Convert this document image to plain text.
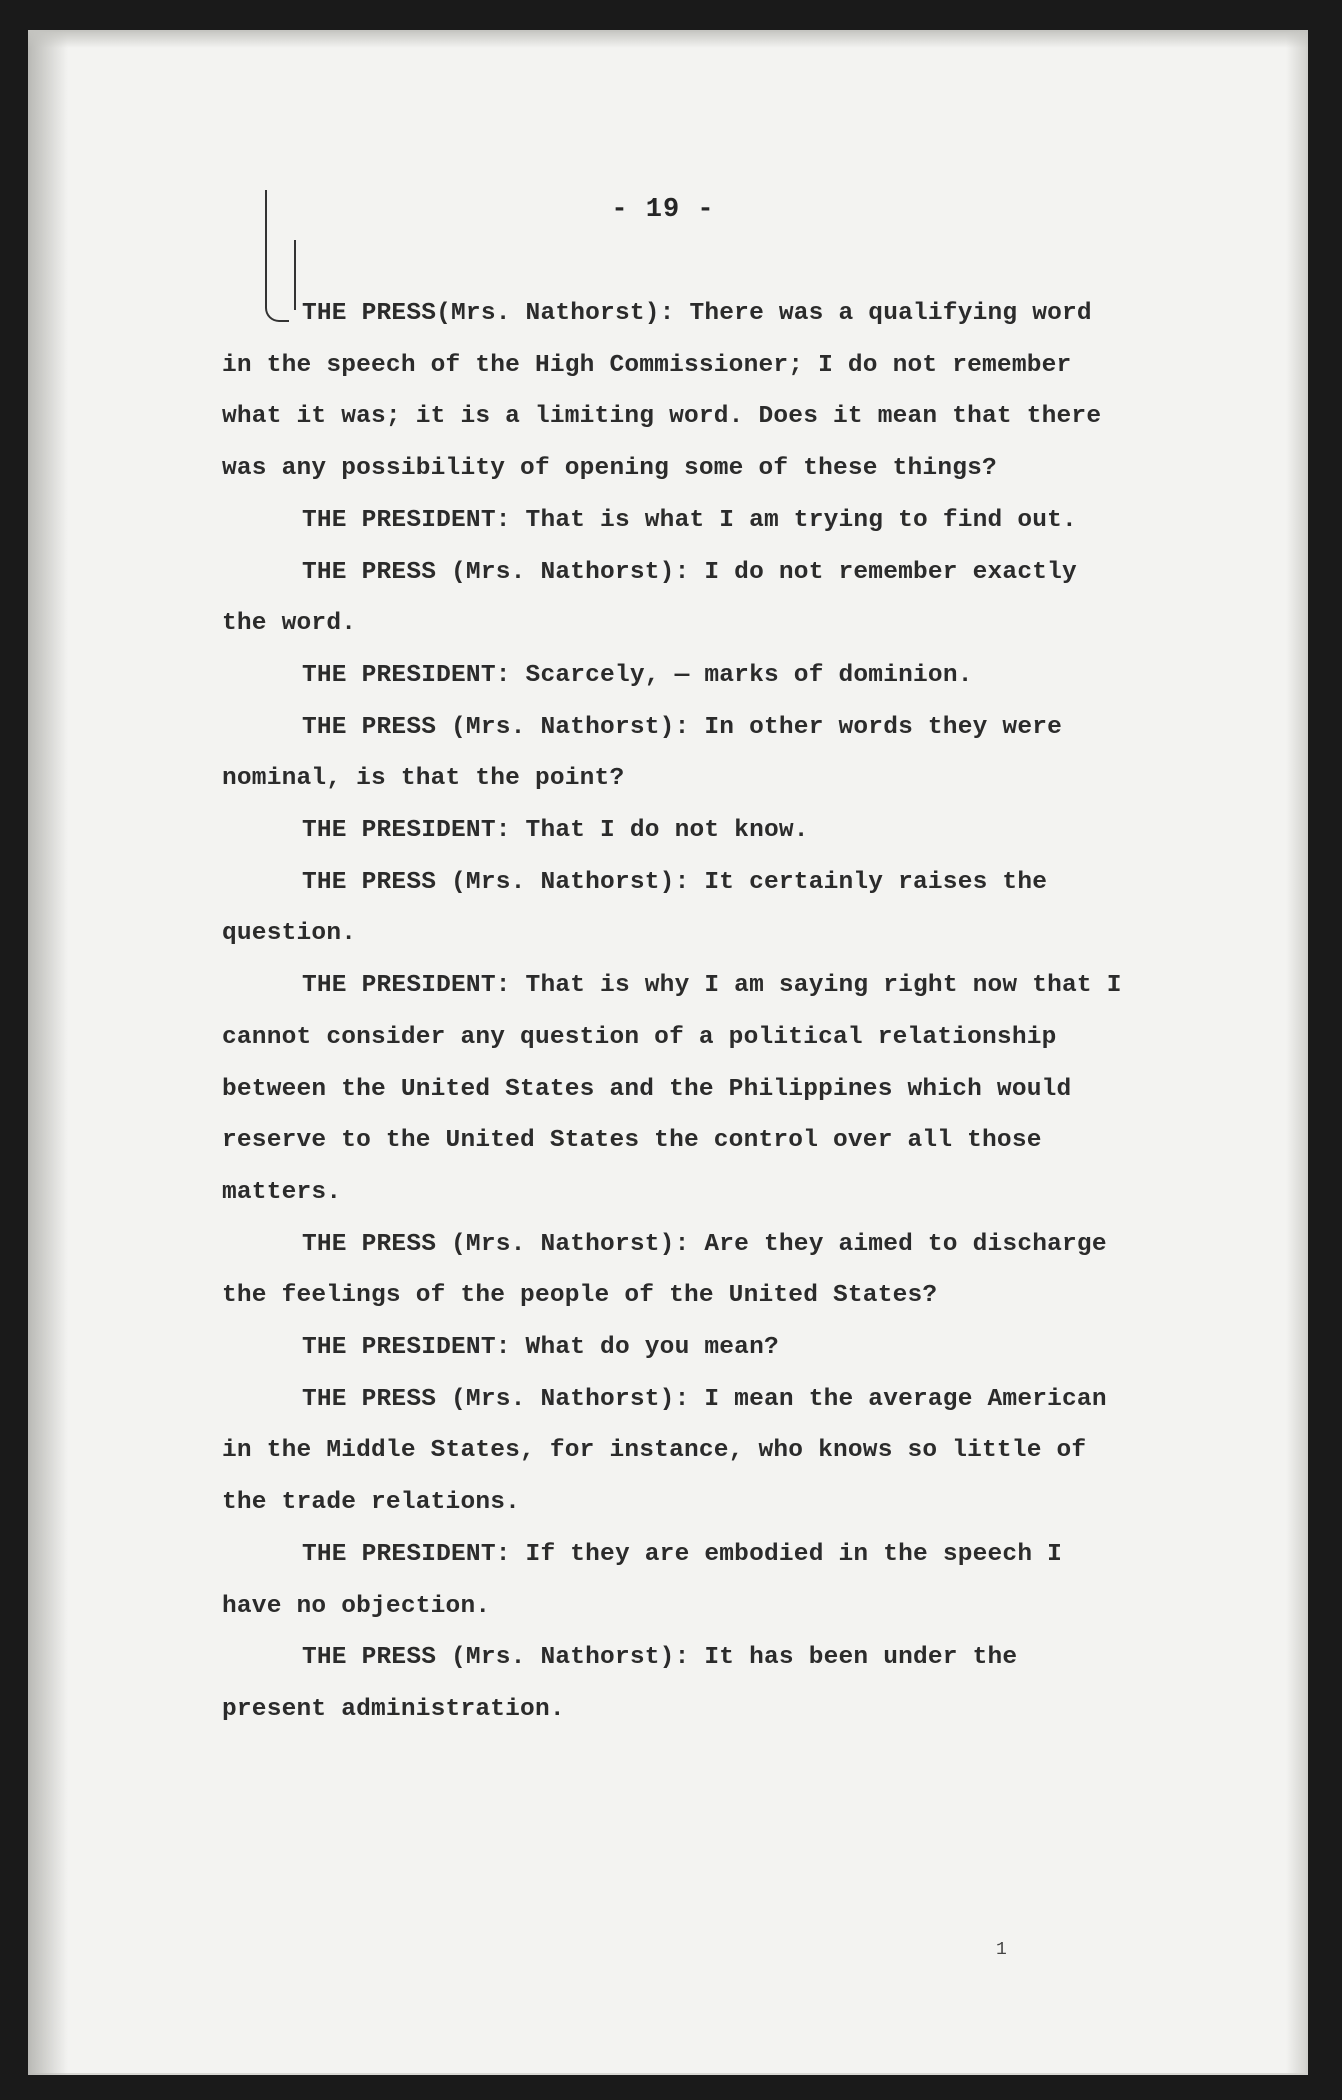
- 19 -

THE PRESS(Mrs. Nathorst): There was a qualifying word in the speech of the High Commissioner; I do not remember what it was; it is a limiting word. Does it mean that there was any possibility of opening some of these things?

THE PRESIDENT: That is what I am trying to find out.

THE PRESS (Mrs. Nathorst): I do not remember exactly the word.

THE PRESIDENT: Scarcely, — marks of dominion.

THE PRESS (Mrs. Nathorst): In other words they were nominal, is that the point?

THE PRESIDENT: That I do not know.

THE PRESS (Mrs. Nathorst): It certainly raises the question.

THE PRESIDENT: That is why I am saying right now that I cannot consider any question of a political relationship between the United States and the Philippines which would reserve to the United States the control over all those matters.

THE PRESS (Mrs. Nathorst): Are they aimed to discharge the feelings of the people of the United States?

THE PRESIDENT: What do you mean?

THE PRESS (Mrs. Nathorst): I mean the average American in the Middle States, for instance, who knows so little of the trade relations.

THE PRESIDENT: If they are embodied in the speech I have no objection.

THE PRESS (Mrs. Nathorst): It has been under the present administration.

1
